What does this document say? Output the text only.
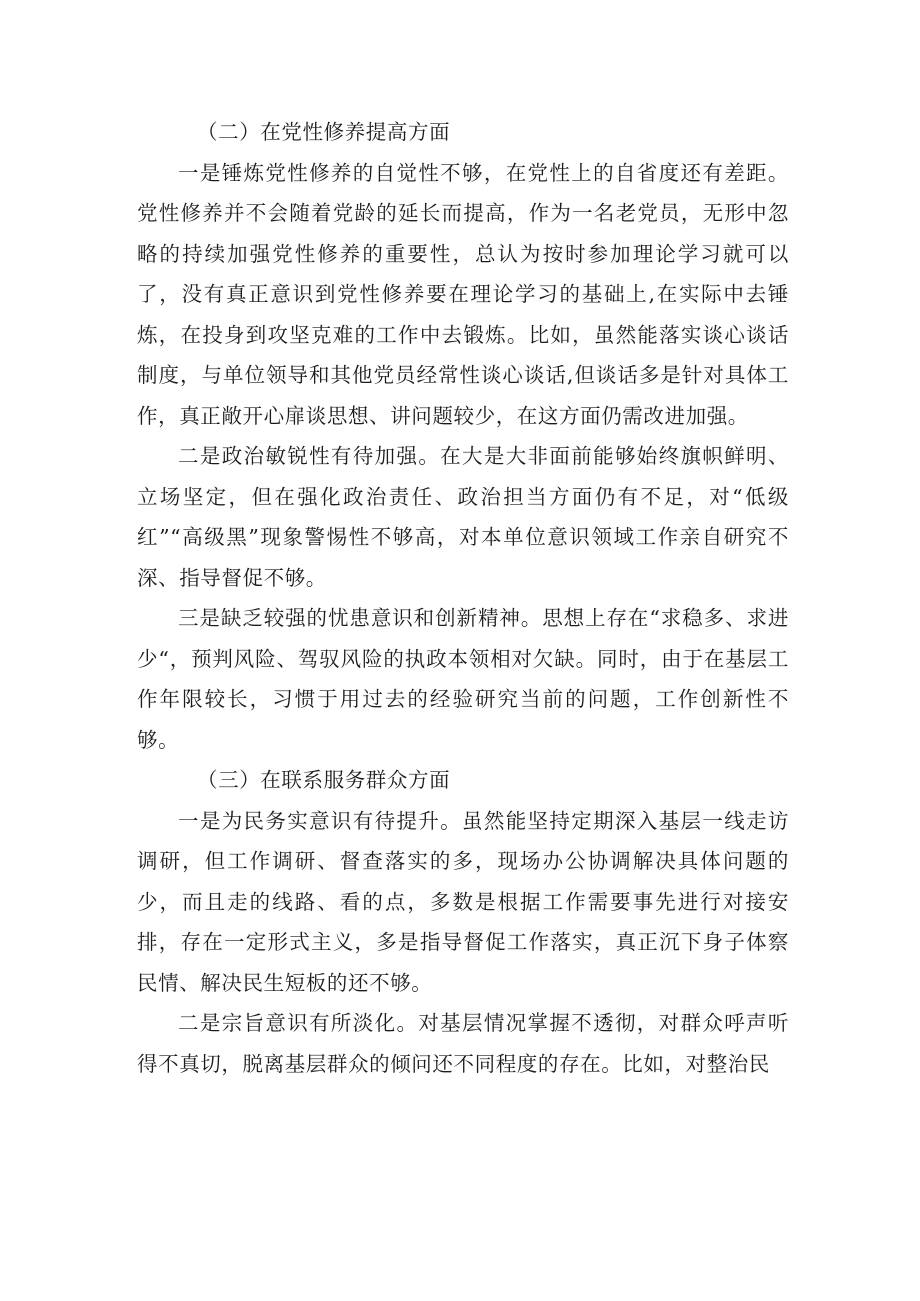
（二）在党性修养提高方面

一是锤炼党性修养的自觉性不够，在党性上的自省度还有差距。党性修养并不会随着党龄的延长而提高，作为一名老党员，无形中忽略的持续加强党性修养的重要性，总认为按时参加理论学习就可以了，没有真正意识到党性修养要在理论学习的基础上,在实际中去锤炼，在投身到攻坚克难的工作中去锻炼。比如，虽然能落实谈心谈话制度，与单位领导和其他党员经常性谈心谈话,但谈话多是针对具体工作，真正敞开心扉谈思想、讲问题较少，在这方面仍需改进加强。

二是政治敏锐性有待加强。在大是大非面前能够始终旗帜鲜明、立场坚定，但在强化政治责任、政治担当方面仍有不足，对“低级红”“高级黑”现象警惕性不够高，对本单位意识领域工作亲自研究不深、指导督促不够。

三是缺乏较强的忧患意识和创新精神。思想上存在“求稳多、求进少“，预判风险、驾驭风险的执政本领相对欠缺。同时，由于在基层工作年限较长，习惯于用过去的经验研究当前的问题，工作创新性不够。

（三）在联系服务群众方面

一是为民务实意识有待提升。虽然能坚持定期深入基层一线走访调研，但工作调研、督查落实的多，现场办公协调解决具体问题的少，而且走的线路、看的点，多数是根据工作需要事先进行对接安排，存在一定形式主义，多是指导督促工作落实，真正沉下身子体察民情、解决民生短板的还不够。

二是宗旨意识有所淡化。对基层情况掌握不透彻，对群众呼声听得不真切，脱离基层群众的倾问还不同程度的存在。比如，对整治民
